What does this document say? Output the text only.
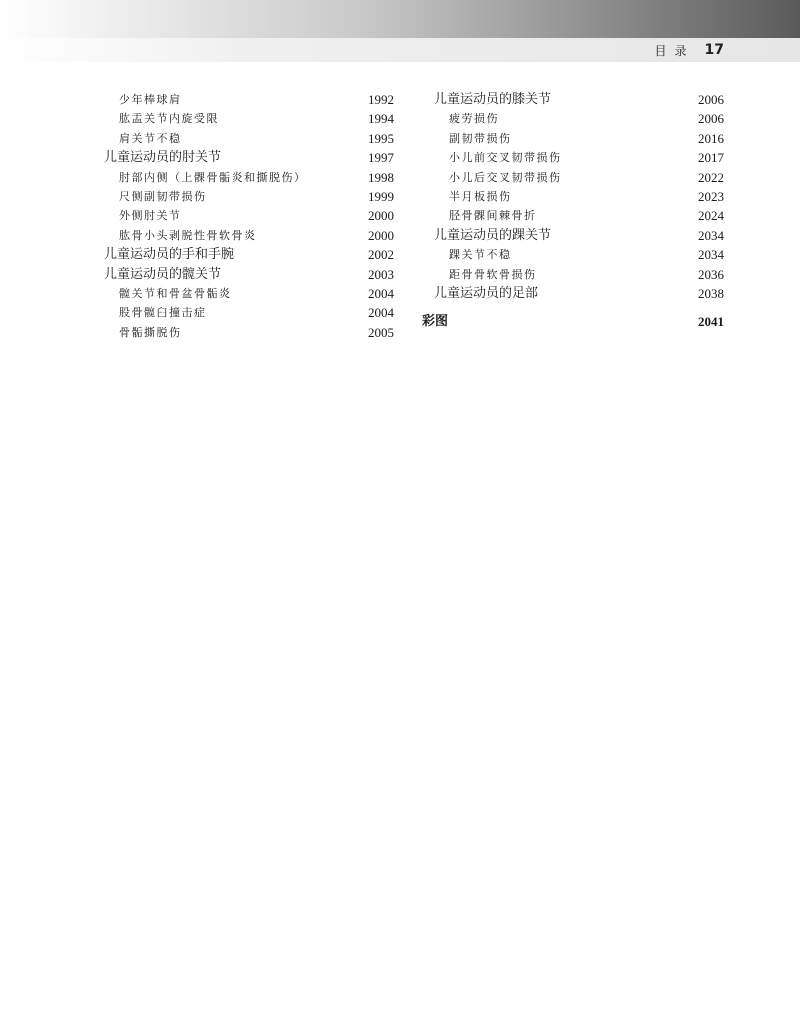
目录 17
少年棒球肩	1992
肱盂关节内旋受限	1994
肩关节不稳	1995
儿童运动员的肘关节	1997
肘部内侧（上髁骨骺炎和撕脱伤）	1998
尺侧副韧带损伤	1999
外侧肘关节	2000
肱骨小头剥脱性骨软骨炎	2000
儿童运动员的手和手腕	2002
儿童运动员的髋关节	2003
髋关节和骨盆骨骺炎	2004
股骨髋臼撞击症	2004
骨骺撕脱伤	2005
儿童运动员的膝关节	2006
疲劳损伤	2006
副韧带损伤	2016
小儿前交叉韧带损伤	2017
小儿后交叉韧带损伤	2022
半月板损伤	2023
胫骨髁间棘骨折	2024
儿童运动员的踝关节	2034
踝关节不稳	2034
距骨骨软骨损伤	2036
儿童运动员的足部	2038
彩图	2041
